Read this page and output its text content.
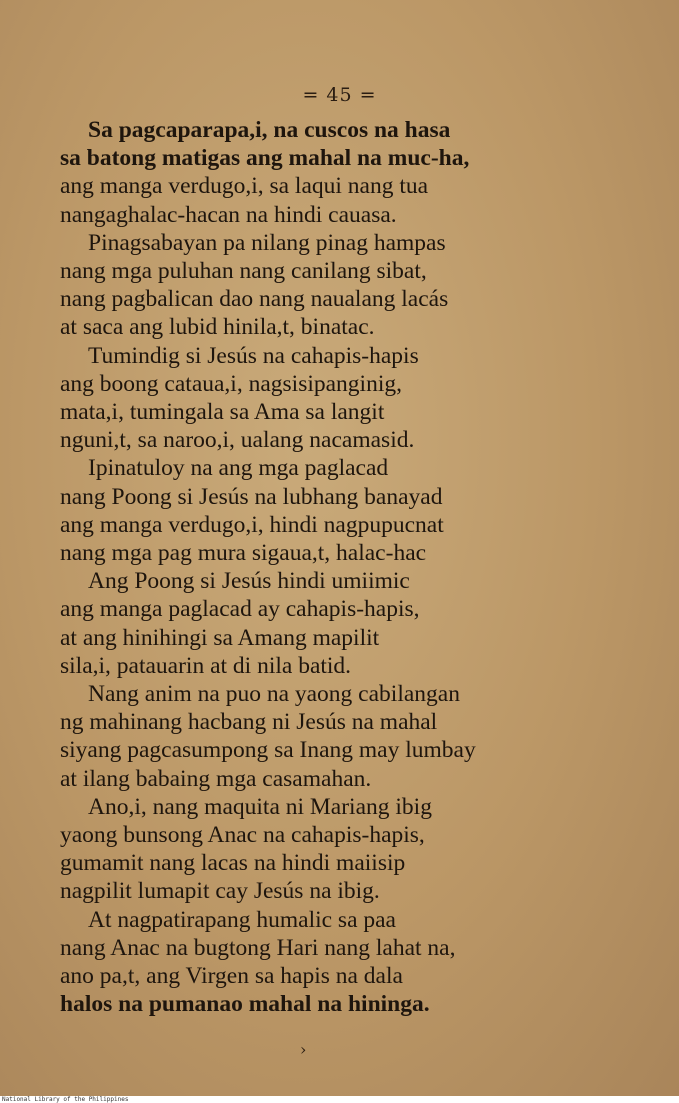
= 45 =
Sa pagcaparapa,i, na cuscos na hasa
sa batong matigas ang mahal na muc-ha,
ang manga verdugo,i, sa laqui nang tua
nangaghalac-hacan na hindi cauasa.
Pinagsabayan pa nilang pinag hampas
nang mga puluhan nang canilang sibat,
nang pagbalican dao nang naualang lacás
at saca ang lubid hinila,t, binatac.
Tumindig si Jesús na cahapis-hapis
ang boong cataua,i, nagsisipanginig,
mata,i, tumingala sa Ama sa langit
nguni,t, sa naroo,i, ualang nacamasid.
Ipinatuloy na ang mga paglacad
nang Poong si Jesús na lubhang banayad
ang manga verdugo,i, hindi nagpupucnat
nang mga pag mura sigaua,t, halac-hac
Ang Poong si Jesús hindi umiimic
ang manga paglacad ay cahapis-hapis,
at ang hinihingi sa Amang mapilit
sila,i, patauarin at di nila batid.
Nang anim na puo na yaong cabilangan
ng mahinang hacbang ni Jesús na mahal
siyang pagcasumpong sa Inang may lumbay
at ilang babaing mga casamahan.
Ano,i, nang maquita ni Mariang ibig
yaong bunsong Anac na cahapis-hapis,
gumamit nang lacas na hindi maiisip
nagpilit lumapit cay Jesús na ibig.
At nagpatirapang humalic sa paa
nang Anac na bugtong Hari nang lahat na,
ano pa,t, ang Virgen sa hapis na dala
halos na pumanao mahal na hininga.
›
National Library of the Philippines
